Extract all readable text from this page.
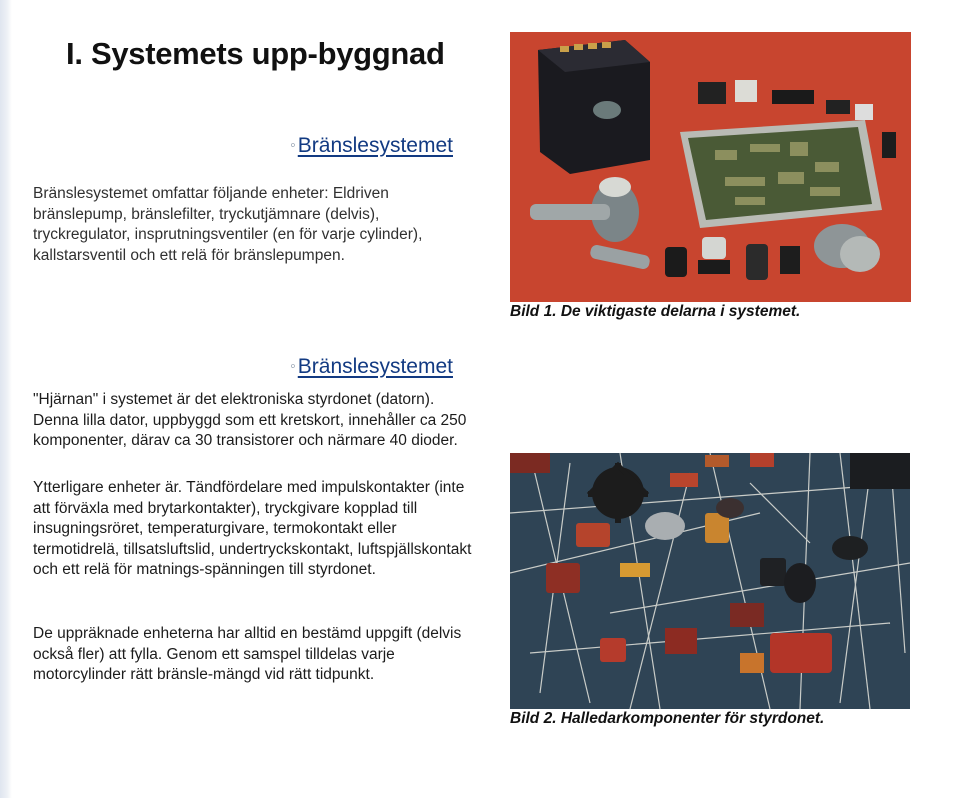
I. Systemets upp-byggnad
◦Bränslesystemet

Bränslesystemet omfattar följande enheter: Eldriven bränslepump, bränslefilter, tryckutjämnare (delvis), tryckregulator, insprutningsventiler (en för varje cylinder), kallstarsventil och ett relä för bränslepumpen.

◦Bränslesystemet

"Hjärnan" i systemet är det elektroniska styrdonet (datorn). Denna lilla dator, uppbyggd som ett kretskort, innehåller ca 250 komponenter, därav ca 30 transistorer och närmare 40 dioder.

Ytterligare enheter är. Tändfördelare med impulskontakter (inte att förväxla med brytarkontakter), tryckgivare kopplad till insugningsröret, temperaturgivare, termokontakt eller termotidrelä, tillsatsluftslid, undertryckskontakt, luftspjällskontakt och ett relä för matnings-spänningen till styrdonet.

De uppräknade enheterna har alltid en bestämd uppgift (delvis också fler) att fylla. Genom ett samspel tilldelas varje motorcylinder rätt bränsle-mängd vid rätt tidpunkt.

Bild 1. De viktigaste delarna i systemet.
Bild 2. Halledarkomponenter för styrdonet.
